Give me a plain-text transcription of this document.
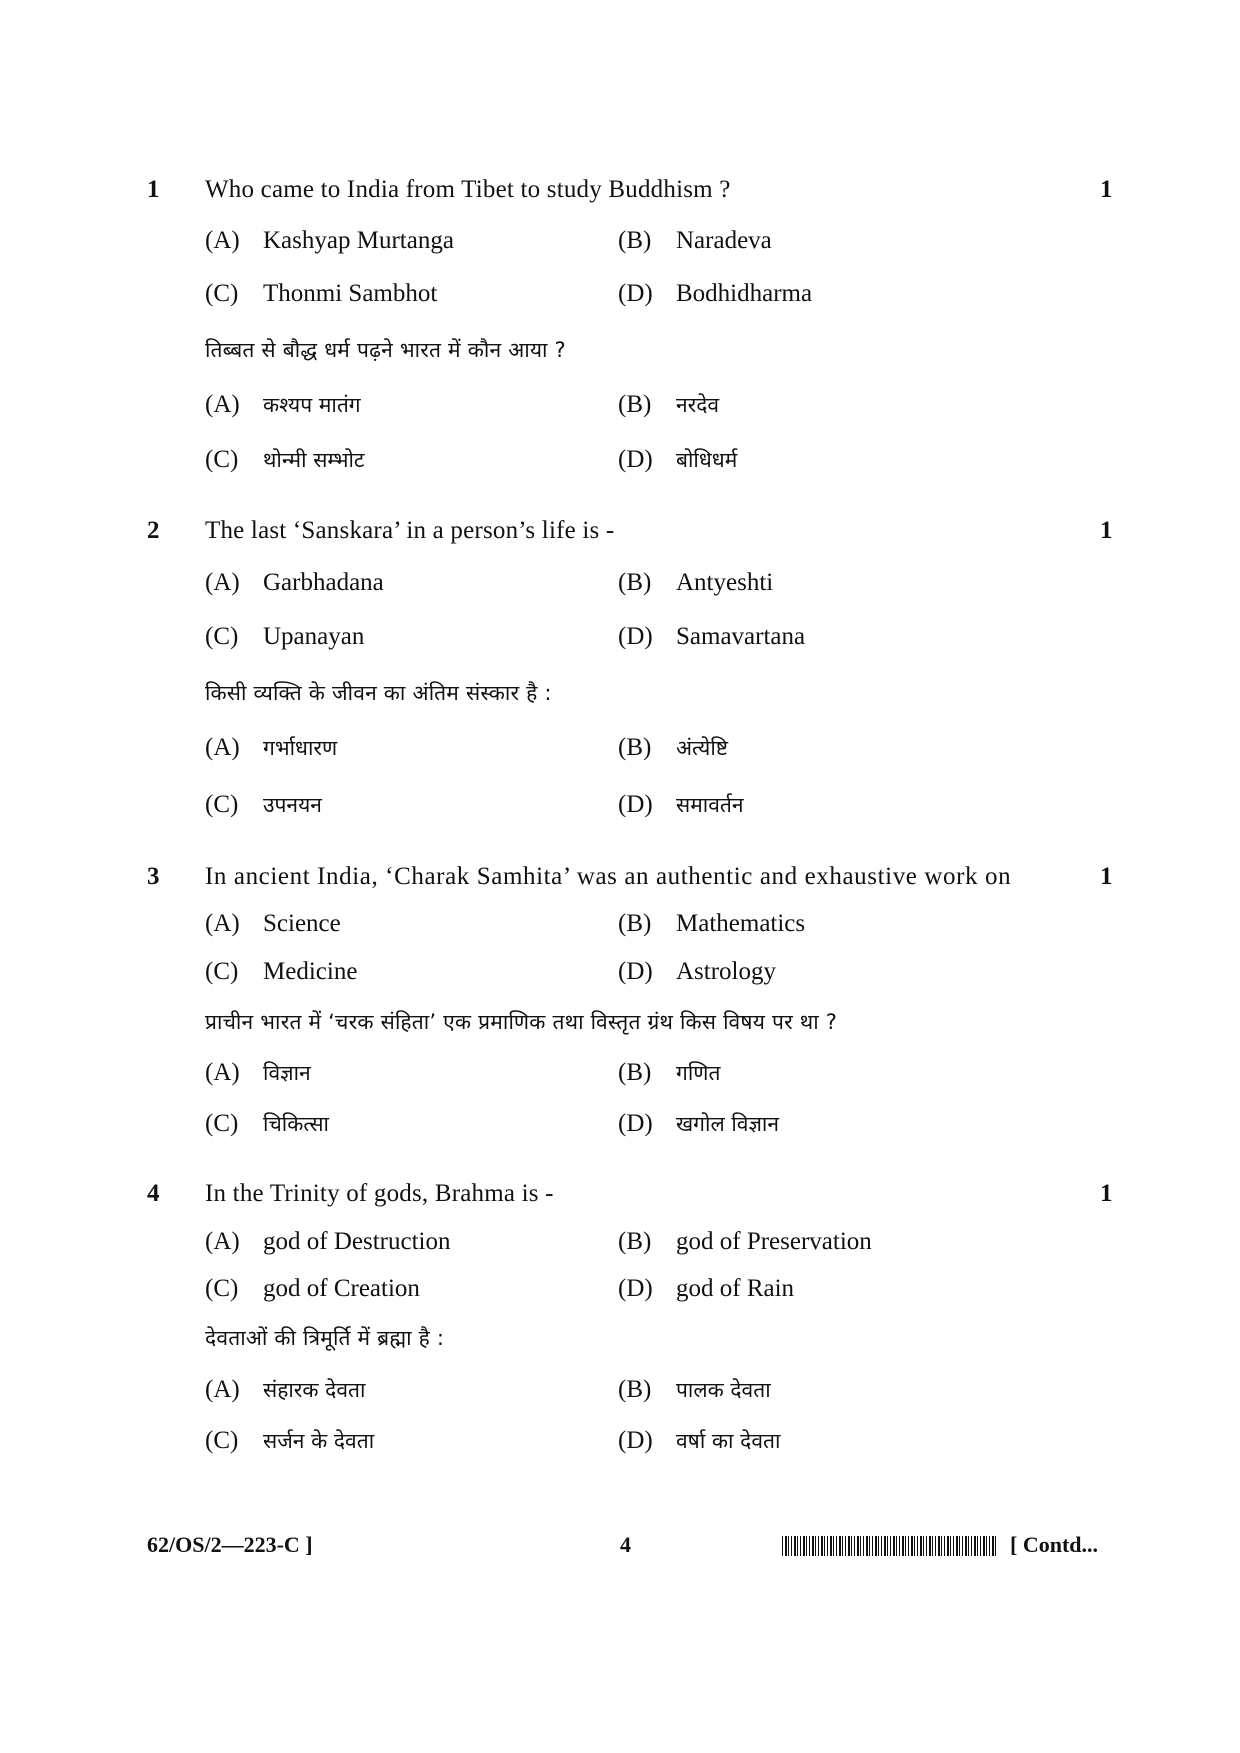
1 Who came to India from Tibet to study Buddhism ?	1
(A) Kashyap Murtanga	(B) Naradeva
(C) Thonmi Sambhot	(D) Bodhidharma
तिब्बत से बौद्ध धर्म पढ़ने भारत में कौन आया ?
(A) कश्यप मातंग	(B) नरदेव
(C) थोन्मी सम्भोट	(D) बोधिधर्म
2 The last ‘Sanskara’ in a person’s life is -	1
(A) Garbhadana	(B) Antyeshti
(C) Upanayan	(D) Samavartana
किसी व्यक्ति के जीवन का अंतिम संस्कार है :
(A) गर्भाधारण	(B) अंत्येष्टि
(C) उपनयन	(D) समावर्तन
3 In ancient India, ‘Charak Samhita’ was an authentic and exhaustive work on	1
(A) Science	(B) Mathematics
(C) Medicine	(D) Astrology
प्राचीन भारत में ‘चरक संहिता’ एक प्रमाणिक तथा विस्तृत ग्रंथ किस विषय पर था ?
(A) विज्ञान	(B) गणित
(C) चिकित्सा	(D) खगोल विज्ञान
4 In the Trinity of gods, Brahma is -	1
(A) god of Destruction	(B) god of Preservation
(C) god of Creation	(D) god of Rain
देवताओं की त्रिमूर्ति में ब्रह्मा है :
(A) संहारक देवता	(B) पालक देवता
(C) सर्जन के देवता	(D) वर्षा का देवता
62/OS/2—223-C ]	4	[ Contd...
